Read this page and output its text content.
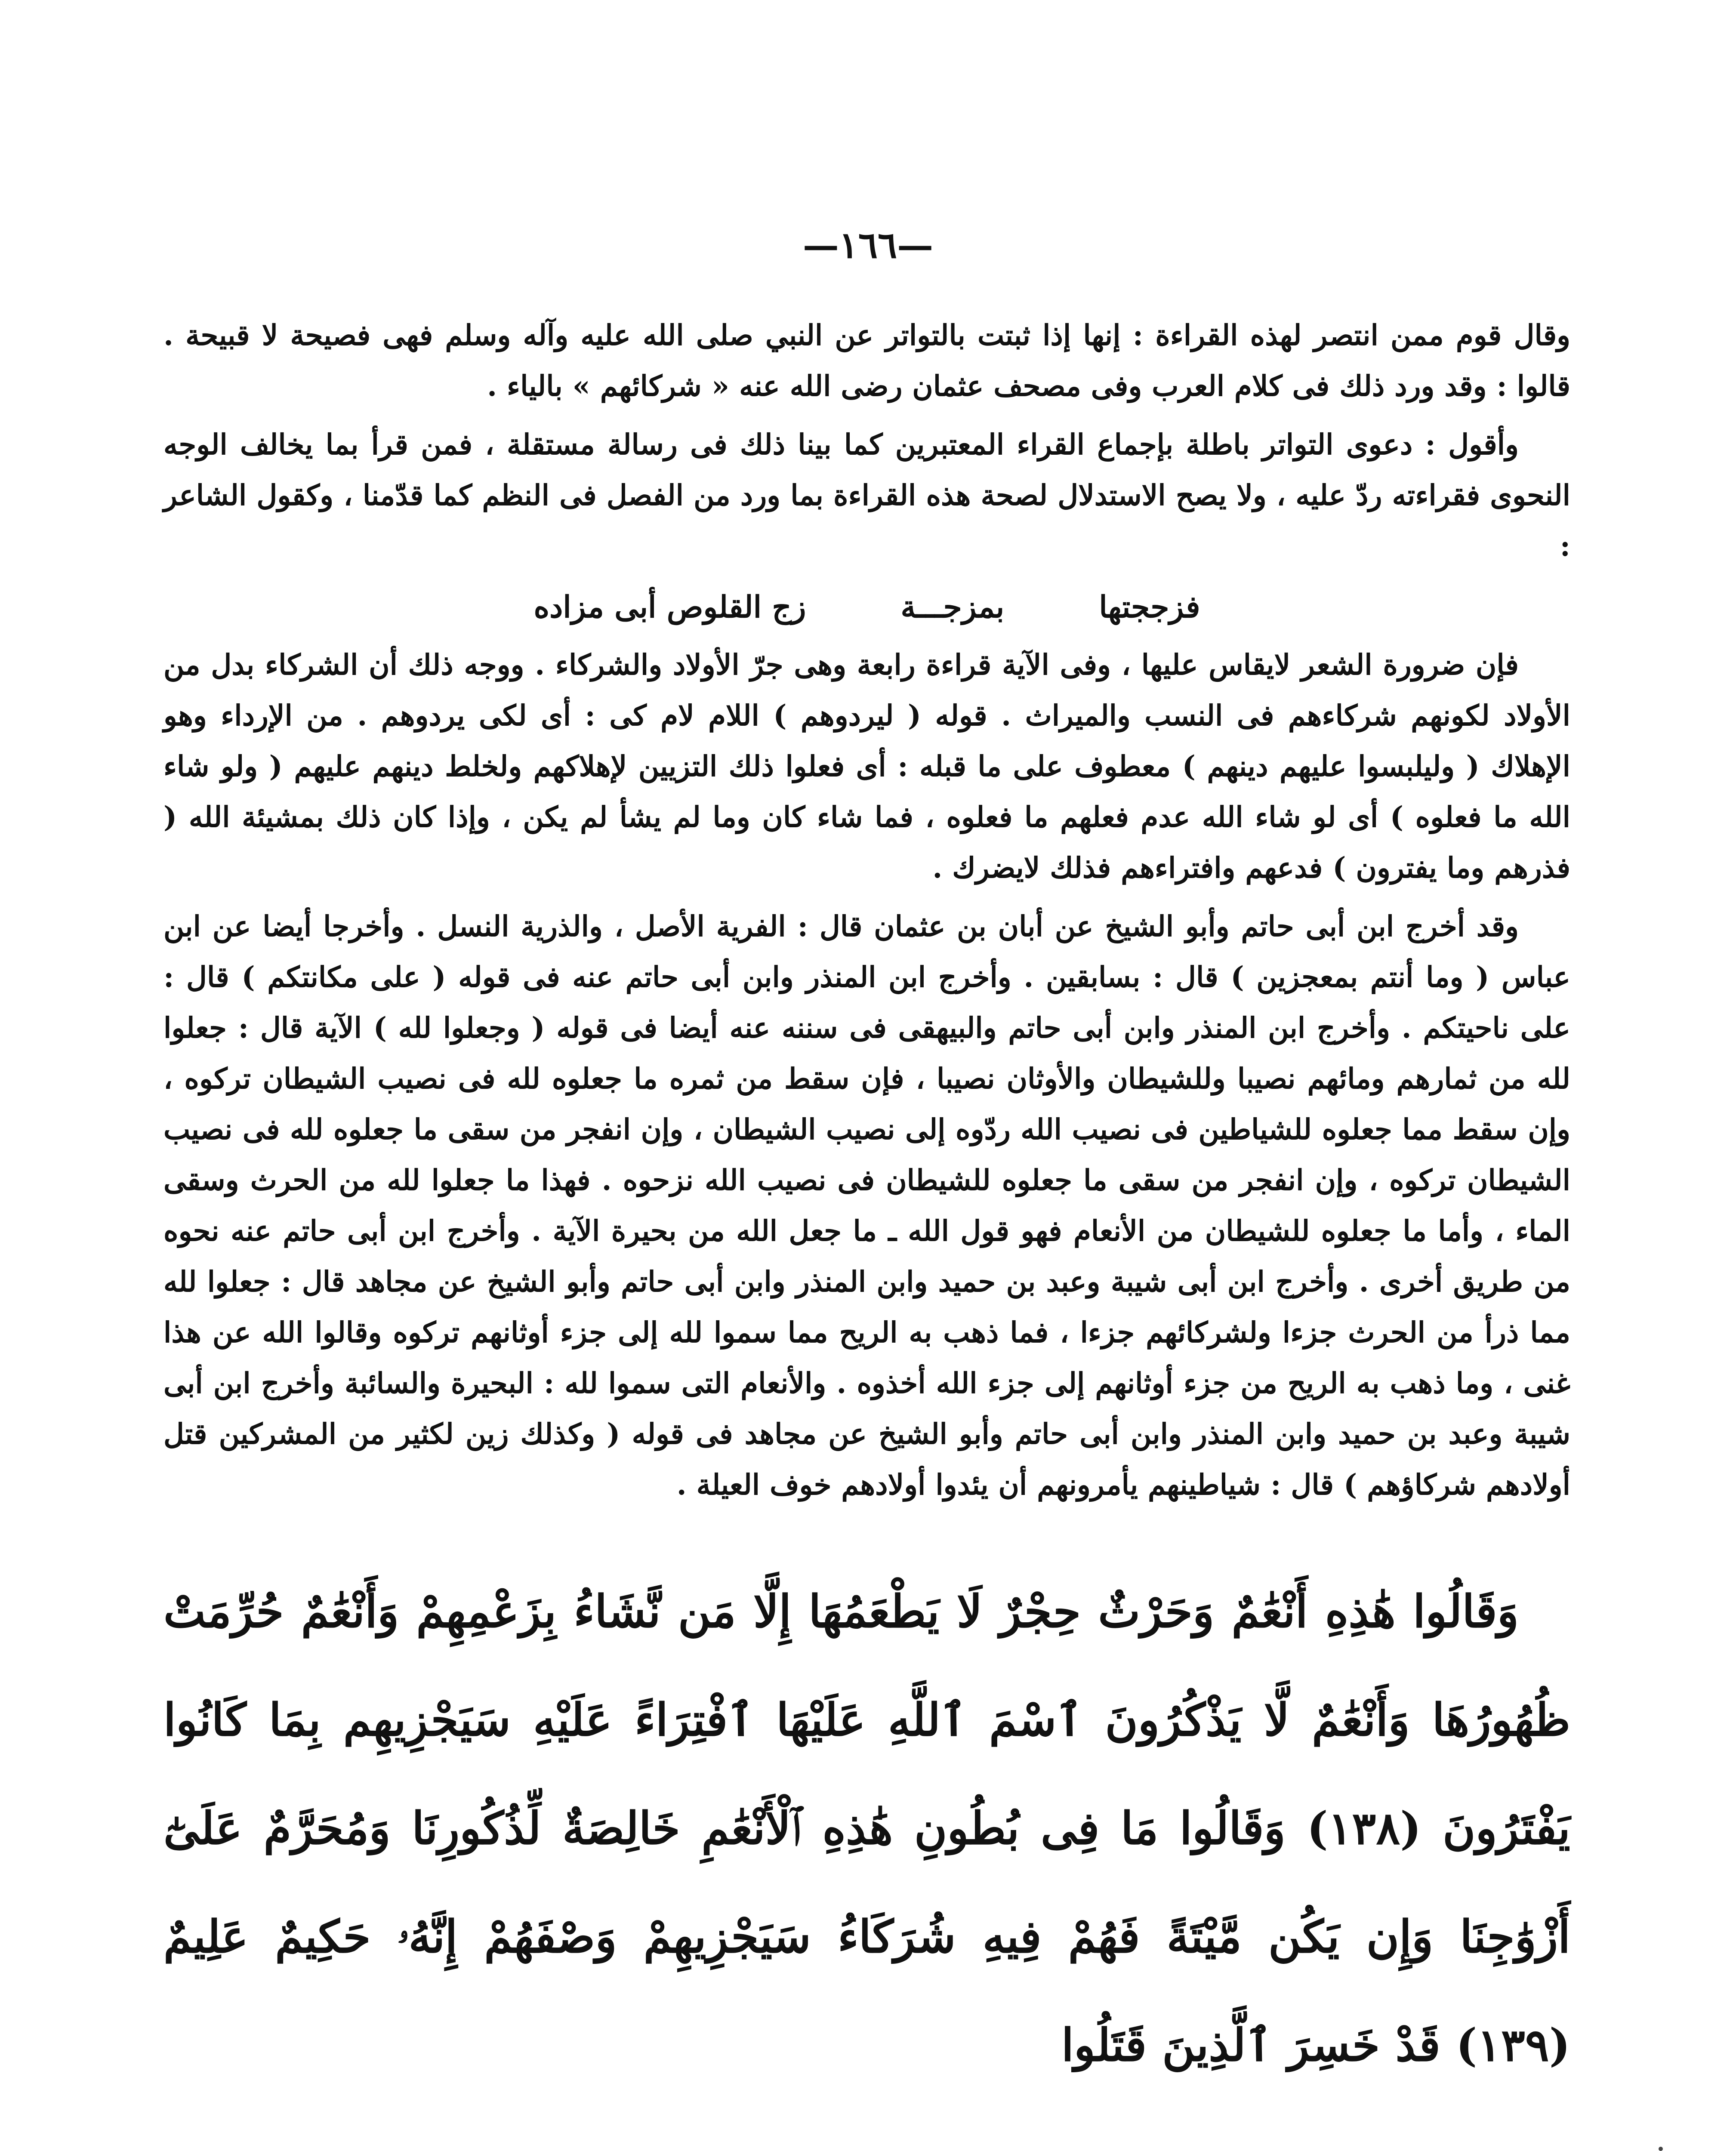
—١٦٦—

وقال قوم ممن انتصر لهذه القراءة : إنها إذا ثبتت بالتواتر عن النبي صلى الله عليه وآله وسلم فهى فصيحة لا قبيحة . قالوا : وقد ورد ذلك فى كلام العرب وفى مصحف عثمان رضى الله عنه « شركائهم » بالياء .

وأقول : دعوى التواتر باطلة بإجماع القراء المعتبرين كما بينا ذلك فى رسالة مستقلة ، فمن قرأ بما يخالف الوجه النحوى فقراءته ردّ عليه ، ولا يصح الاستدلال لصحة هذه القراءة بما ورد من الفصل فى النظم كما قدّمنا ، وكقول الشاعر :

فزججتها
بمزجـــة
زج القلوص أبى مزاده

فإن ضرورة الشعر لايقاس عليها ، وفى الآية قراءة رابعة وهى جرّ الأولاد والشركاء . ووجه ذلك أن الشركاء بدل من الأولاد لكونهم شركاءهم فى النسب والميراث . قوله ( ليردوهم ) اللام لام كى : أى لكى يردوهم . من الإرداء وهو الإهلاك ( وليلبسوا عليهم دينهم ) معطوف على ما قبله : أى فعلوا ذلك التزيين لإهلاكهم ولخلط دينهم عليهم ( ولو شاء الله ما فعلوه ) أى لو شاء الله عدم فعلهم ما فعلوه ، فما شاء كان وما لم يشأ لم يكن ، وإذا كان ذلك بمشيئة الله ( فذرهم وما يفترون ) فدعهم وافتراءهم فذلك لايضرك .

وقد أخرج ابن أبى حاتم وأبو الشيخ عن أبان بن عثمان قال : الفرية الأصل ، والذرية النسل . وأخرجا أيضا عن ابن عباس ( وما أنتم بمعجزين ) قال : بسابقين . وأخرج ابن المنذر وابن أبى حاتم عنه فى قوله ( على مكانتكم ) قال : على ناحيتكم . وأخرج ابن المنذر وابن أبى حاتم والبيهقى فى سننه عنه أيضا فى قوله ( وجعلوا لله ) الآية قال : جعلوا لله من ثمارهم ومائهم نصيبا وللشيطان والأوثان نصيبا ، فإن سقط من ثمره ما جعلوه لله فى نصيب الشيطان تركوه ، وإن سقط مما جعلوه للشياطين فى نصيب الله ردّوه إلى نصيب الشيطان ، وإن انفجر من سقى ما جعلوه لله فى نصيب الشيطان تركوه ، وإن انفجر من سقى ما جعلوه للشيطان فى نصيب الله نزحوه . فهذا ما جعلوا لله من الحرث وسقى الماء ، وأما ما جعلوه للشيطان من الأنعام فهو قول الله ـ ما جعل الله من بحيرة الآية . وأخرج ابن أبى حاتم عنه نحوه من طريق أخرى . وأخرج ابن أبى شيبة وعبد بن حميد وابن المنذر وابن أبى حاتم وأبو الشيخ عن مجاهد قال : جعلوا لله مما ذرأ من الحرث جزءا ولشركائهم جزءا ، فما ذهب به الريح مما سموا لله إلى جزء أوثانهم تركوه وقالوا الله عن هذا غنى ، وما ذهب به الريح من جزء أوثانهم إلى جزء الله أخذوه . والأنعام التى سموا لله : البحيرة والسائبة وأخرج ابن أبى شيبة وعبد بن حميد وابن المنذر وابن أبى حاتم وأبو الشيخ عن مجاهد فى قوله ( وكذلك زين لكثير من المشركين قتل أولادهم شركاؤهم ) قال : شياطينهم يأمرونهم أن يئدوا أولادهم خوف العيلة .

وَقَالُوا هَٰذِهِ أَنْعَٰمٌ وَحَرْثٌ حِجْرٌ لَا يَطْعَمُهَا إِلَّا مَن نَّشَاءُ بِزَعْمِهِمْ وَأَنْعَٰمٌ حُرِّمَتْ ظُهُورُهَا وَأَنْعَٰمٌ لَّا يَذْكُرُونَ ٱسْمَ ٱللَّهِ عَلَيْهَا ٱفْتِرَاءً عَلَيْهِ سَيَجْزِيهِم بِمَا كَانُوا يَفْتَرُونَ (١٣٨) وَقَالُوا مَا فِى بُطُونِ هَٰذِهِ ٱلْأَنْعَٰمِ خَالِصَةٌ لِّذُكُورِنَا وَمُحَرَّمٌ عَلَىٰٓ أَزْوَٰجِنَا وَإِن يَكُن مَّيْتَةً فَهُمْ فِيهِ شُرَكَاءُ سَيَجْزِيهِمْ وَصْفَهُمْ إِنَّهُۥ حَكِيمٌ عَلِيمٌ (١٣٩) قَدْ خَسِرَ ٱلَّذِينَ قَتَلُوا
